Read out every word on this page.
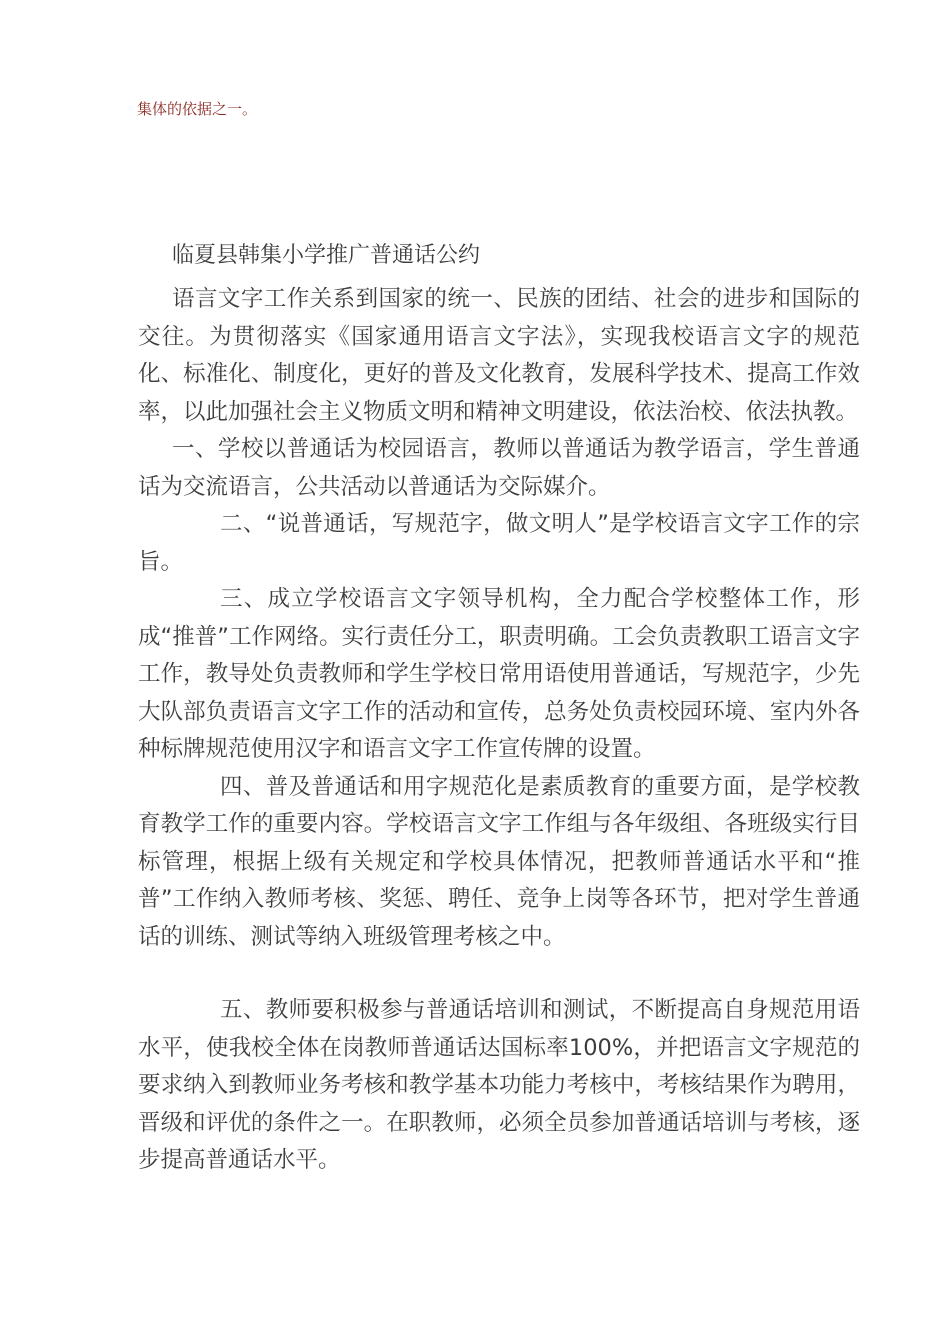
集体的依据之一。

临夏县韩集小学推广普通话公约

语言文字工作关系到国家的统一、民族的团结、社会的进步和国际的交往。为贯彻落实《国家通用语言文字法》，实现我校语言文字的规范化、标准化、制度化，更好的普及文化教育，发展科学技术、提高工作效率，以此加强社会主义物质文明和精神文明建设，依法治校、依法执教。

一、学校以普通话为校园语言，教师以普通话为教学语言，学生普通话为交流语言，公共活动以普通话为交际媒介。

二、“说普通话，写规范字，做文明人”是学校语言文字工作的宗旨。

三、成立学校语言文字领导机构，全力配合学校整体工作，形成“推普”工作网络。实行责任分工，职责明确。工会负责教职工语言文字工作，教导处负责教师和学生学校日常用语使用普通话，写规范字，少先大队部负责语言文字工作的活动和宣传，总务处负责校园环境、室内外各种标牌规范使用汉字和语言文字工作宣传牌的设置。

四、普及普通话和用字规范化是素质教育的重要方面，是学校教育教学工作的重要内容。学校语言文字工作组与各年级组、各班级实行目标管理，根据上级有关规定和学校具体情况，把教师普通话水平和“推普”工作纳入教师考核、奖惩、聘任、竞争上岗等各环节，把对学生普通话的训练、测试等纳入班级管理考核之中。

五、教师要积极参与普通话培训和测试，不断提高自身规范用语水平，使我校全体在岗教师普通话达国标率100%，并把语言文字规范的要求纳入到教师业务考核和教学基本功能力考核中，考核结果作为聘用，晋级和评优的条件之一。在职教师，必须全员参加普通话培训与考核，逐步提高普通话水平。
